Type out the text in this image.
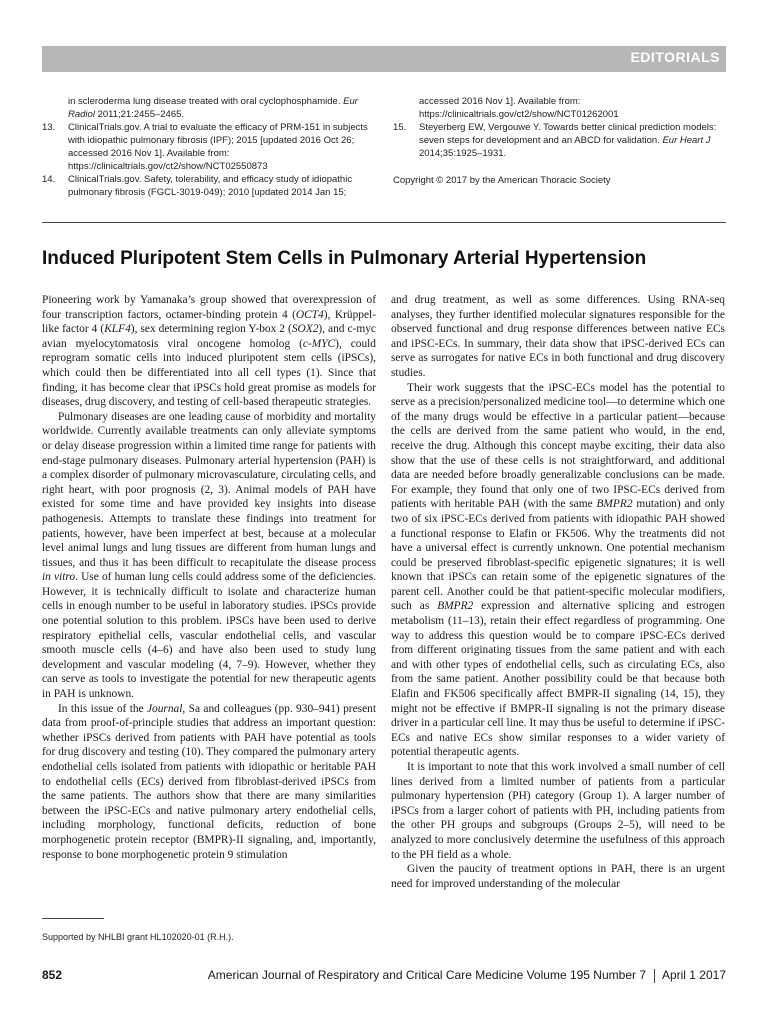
EDITORIALS

in scleroderma lung disease treated with oral cyclophosphamide. Eur Radiol 2011;21:2455–2465.

13. ClinicalTrials.gov. A trial to evaluate the efficacy of PRM-151 in subjects with idiopathic pulmonary fibrosis (IPF); 2015 [updated 2016 Oct 26; accessed 2016 Nov 1]. Available from: https://clinicaltrials.gov/ct2/show/NCT02550873

14. ClinicalTrials.gov. Safety, tolerability, and efficacy study of idiopathic pulmonary fibrosis (FGCL-3019-049); 2010 [updated 2014 Jan 15;

accessed 2016 Nov 1]. Available from: https://clinicaltrials.gov/ct2/show/NCT01262001

15. Steyerberg EW, Vergouwe Y. Towards better clinical prediction models: seven steps for development and an ABCD for validation. Eur Heart J 2014;35:1925–1931.

Copyright © 2017 by the American Thoracic Society
Induced Pluripotent Stem Cells in Pulmonary Arterial Hypertension

Pioneering work by Yamanaka’s group showed that overexpression of four transcription factors, octamer-binding protein 4 (OCT4), Krüppel-like factor 4 (KLF4), sex determining region Y-box 2 (SOX2), and c-myc avian myelocytomatosis viral oncogene homolog (c-MYC), could reprogram somatic cells into induced pluripotent stem cells (iPSCs), which could then be differentiated into all cell types (1). Since that finding, it has become clear that iPSCs hold great promise as models for diseases, drug discovery, and testing of cell-based therapeutic strategies.

Pulmonary diseases are one leading cause of morbidity and mortality worldwide. Currently available treatments can only alleviate symptoms or delay disease progression within a limited time range for patients with end-stage pulmonary diseases. Pulmonary arterial hypertension (PAH) is a complex disorder of pulmonary microvasculature, circulating cells, and right heart, with poor prognosis (2, 3). Animal models of PAH have existed for some time and have provided key insights into disease pathogenesis. Attempts to translate these findings into treatment for patients, however, have been imperfect at best, because at a molecular level animal lungs and lung tissues are different from human lungs and tissues, and thus it has been difficult to recapitulate the disease process in vitro. Use of human lung cells could address some of the deficiencies. However, it is technically difficult to isolate and characterize human cells in enough number to be useful in laboratory studies. iPSCs provide one potential solution to this problem. iPSCs have been used to derive respiratory epithelial cells, vascular endothelial cells, and vascular smooth muscle cells (4–6) and have also been used to study lung development and vascular modeling (4, 7–9). However, whether they can serve as tools to investigate the potential for new therapeutic agents in PAH is unknown.

In this issue of the Journal, Sa and colleagues (pp. 930–941) present data from proof-of-principle studies that address an important question: whether iPSCs derived from patients with PAH have potential as tools for drug discovery and testing (10). They compared the pulmonary artery endothelial cells isolated from patients with idiopathic or heritable PAH to endothelial cells (ECs) derived from fibroblast-derived iPSCs from the same patients. The authors show that there are many similarities between the iPSC-ECs and native pulmonary artery endothelial cells, including morphology, functional deficits, reduction of bone morphogenetic protein receptor (BMPR)-II signaling, and, importantly, response to bone morphogenetic protein 9 stimulation

and drug treatment, as well as some differences. Using RNA-seq analyses, they further identified molecular signatures responsible for the observed functional and drug response differences between native ECs and iPSC-ECs. In summary, their data show that iPSC-derived ECs can serve as surrogates for native ECs in both functional and drug discovery studies.

Their work suggests that the iPSC-ECs model has the potential to serve as a precision/personalized medicine tool—to determine which one of the many drugs would be effective in a particular patient—because the cells are derived from the same patient who would, in the end, receive the drug. Although this concept maybe exciting, their data also show that the use of these cells is not straightforward, and additional data are needed before broadly generalizable conclusions can be made. For example, they found that only one of two IPSC-ECs derived from patients with heritable PAH (with the same BMPR2 mutation) and only two of six iPSC-ECs derived from patients with idiopathic PAH showed a functional response to Elafin or FK506. Why the treatments did not have a universal effect is currently unknown. One potential mechanism could be preserved fibroblast-specific epigenetic signatures; it is well known that iPSCs can retain some of the epigenetic signatures of the parent cell. Another could be that patient-specific molecular modifiers, such as BMPR2 expression and alternative splicing and estrogen metabolism (11–13), retain their effect regardless of programming. One way to address this question would be to compare iPSC-ECs derived from different originating tissues from the same patient and with each and with other types of endothelial cells, such as circulating ECs, also from the same patient. Another possibility could be that because both Elafin and FK506 specifically affect BMPR-II signaling (14, 15), they might not be effective if BMPR-II signaling is not the primary disease driver in a particular cell line. It may thus be useful to determine if iPSC-ECs and native ECs show similar responses to a wider variety of potential therapeutic agents.

It is important to note that this work involved a small number of cell lines derived from a limited number of patients from a particular pulmonary hypertension (PH) category (Group 1). A larger number of iPSCs from a larger cohort of patients with PH, including patients from the other PH groups and subgroups (Groups 2–5), will need to be analyzed to more conclusively determine the usefulness of this approach to the PH field as a whole.

Given the paucity of treatment options in PAH, there is an urgent need for improved understanding of the molecular

Supported by NHLBI grant HL102020-01 (R.H.).
852	American Journal of Respiratory and Critical Care Medicine Volume 195 Number 7 April 1 2017
